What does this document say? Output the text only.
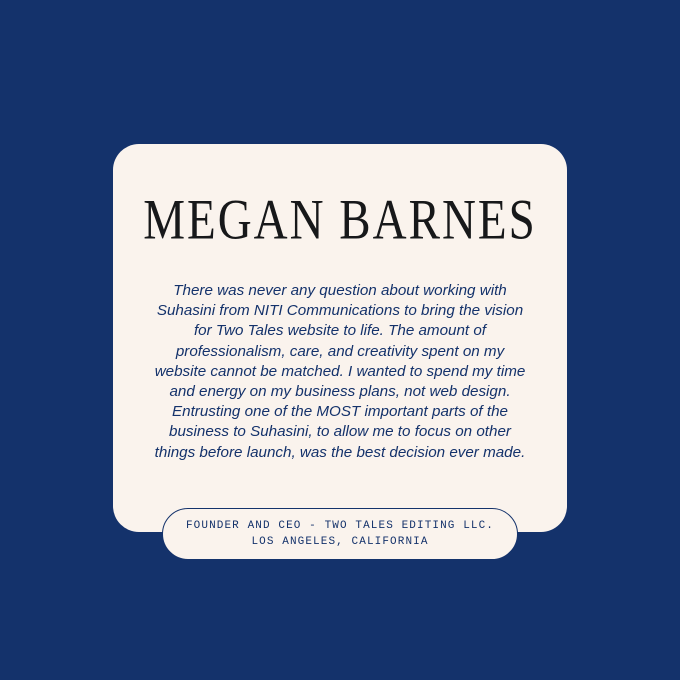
MEGAN BARNES

There was never any question about working with Suhasini from NITI Communications to bring the vision for Two Tales website to life. The amount of professionalism, care, and creativity spent on my website cannot be matched. I wanted to spend my time and energy on my business plans, not web design. Entrusting one of the MOST important parts of the business to Suhasini, to allow me to focus on other things before launch, was the best decision ever made.

FOUNDER AND CEO - TWO TALES EDITING LLC.
LOS ANGELES, CALIFORNIA
